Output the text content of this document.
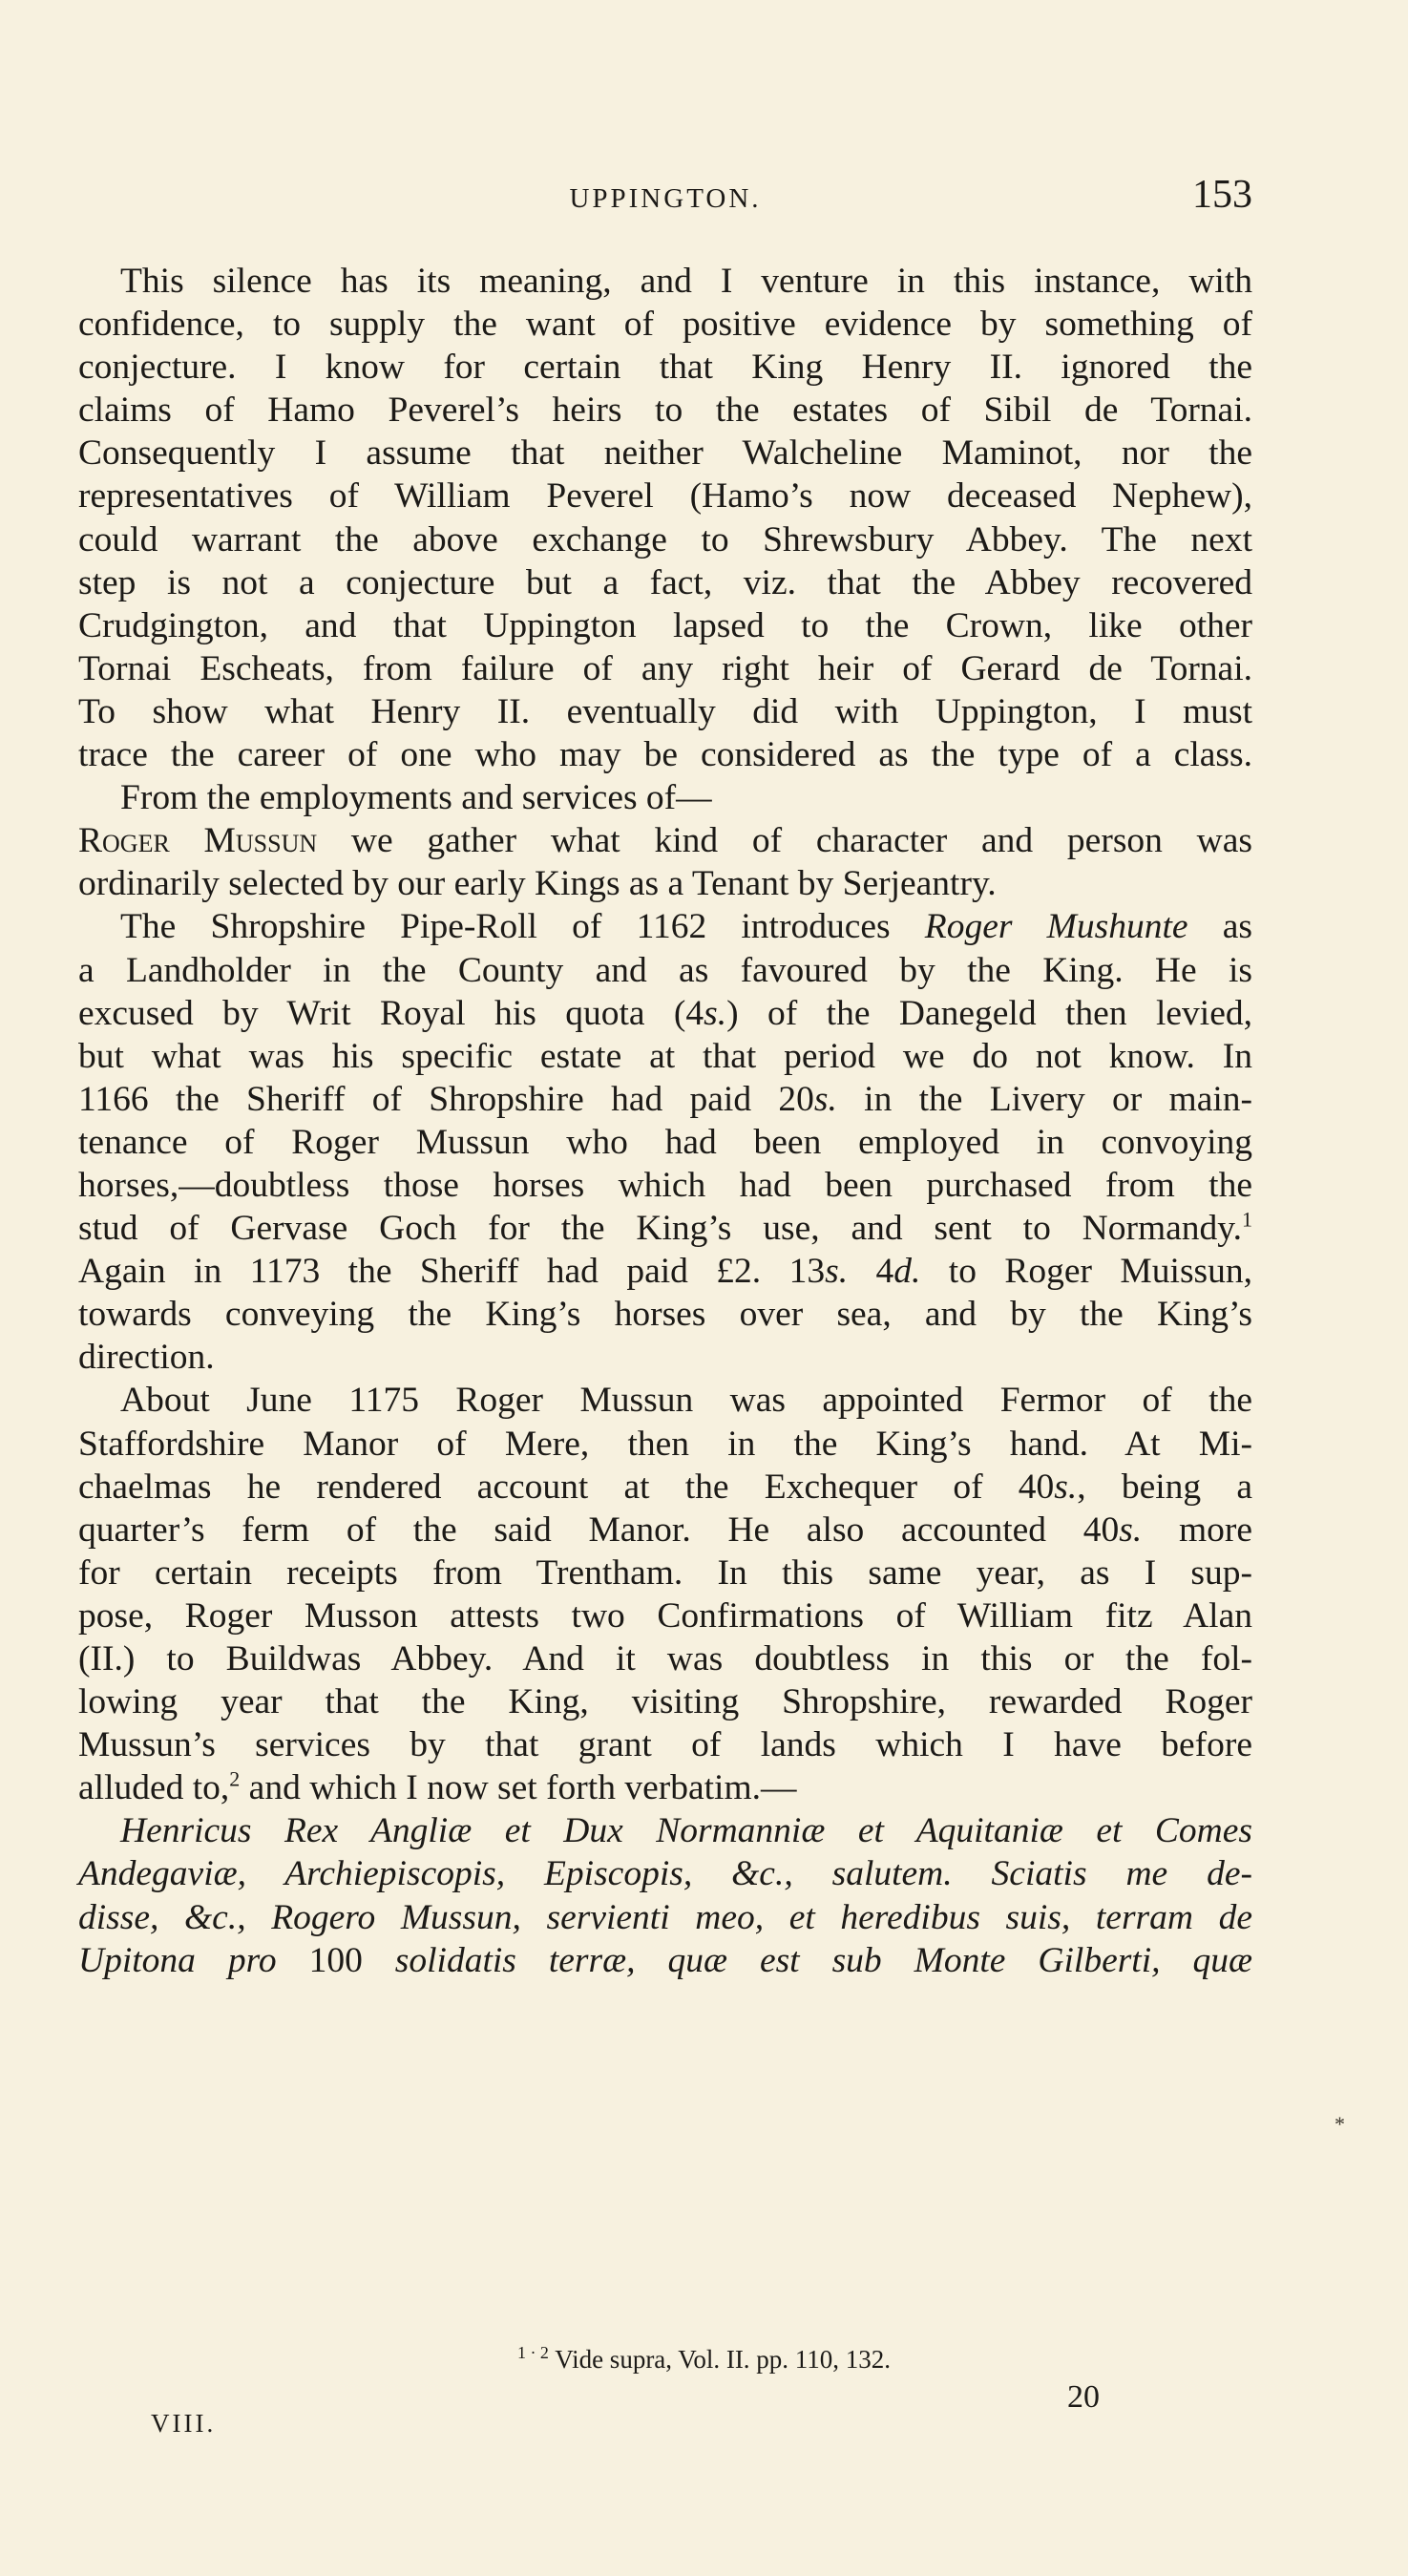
UPPINGTON.	153

This silence has its meaning, and I venture in this instance, with

confidence, to supply the want of positive evidence by something of

conjecture. I know for certain that King Henry II. ignored the

claims of Hamo Peverel’s heirs to the estates of Sibil de Tornai.

Consequently I assume that neither Walcheline Maminot, nor the

representatives of William Peverel (Hamo’s now deceased Nephew),

could warrant the above exchange to Shrewsbury Abbey. The next

step is not a conjecture but a fact, viz. that the Abbey recovered

Crudgington, and that Uppington lapsed to the Crown, like other

Tornai Escheats, from failure of any right heir of Gerard de Tornai.

To show what Henry II. eventually did with Uppington, I must

trace the career of one who may be considered as the type of a class.

From the employments and services of—

Roger Mussun we gather what kind of character and person was

ordinarily selected by our early Kings as a Tenant by Serjeantry.

The Shropshire Pipe-Roll of 1162 introduces Roger Mushunte as

a Landholder in the County and as favoured by the King. He is

excused by Writ Royal his quota (4s.) of the Danegeld then levied,

but what was his specific estate at that period we do not know. In

1166 the Sheriff of Shropshire had paid 20s. in the Livery or main-

tenance of Roger Mussun who had been employed in convoying

horses,—doubtless those horses which had been purchased from the

stud of Gervase Goch for the King’s use, and sent to Normandy.$^1$

Again in 1173 the Sheriff had paid £2. 13s. 4d. to Roger Muissun,

towards conveying the King’s horses over sea, and by the King’s

direction.

About June 1175 Roger Mussun was appointed Fermor of the

Staffordshire Manor of Mere, then in the King’s hand. At Mi-

chaelmas he rendered account at the Exchequer of 40s., being a

quarter’s ferm of the said Manor. He also accounted 40s. more

for certain receipts from Trentham. In this same year, as I sup-

pose, Roger Musson attests two Confirmations of William fitz Alan

(II.) to Buildwas Abbey. And it was doubtless in this or the fol-

lowing year that the King, visiting Shropshire, rewarded Roger

Mussun’s services by that grant of lands which I have before

alluded to,$^2$ and which I now set forth verbatim.—

Henricus Rex Angliæ et Dux Normanniæ et Aquitaniæ et Comes

Andegaviæ, Archiepiscopis, Episcopis, &c., salutem. Sciatis me de-

disse, &c., Rogero Mussun, servienti meo, et heredibus suis, terram de

Upitona pro 100 solidatis terræ, quæ est sub Monte Gilberti, quæ

*
$^{1 \cdot 2}$ Vide supra, Vol. II. pp. 110, 132.
VIII.
20
